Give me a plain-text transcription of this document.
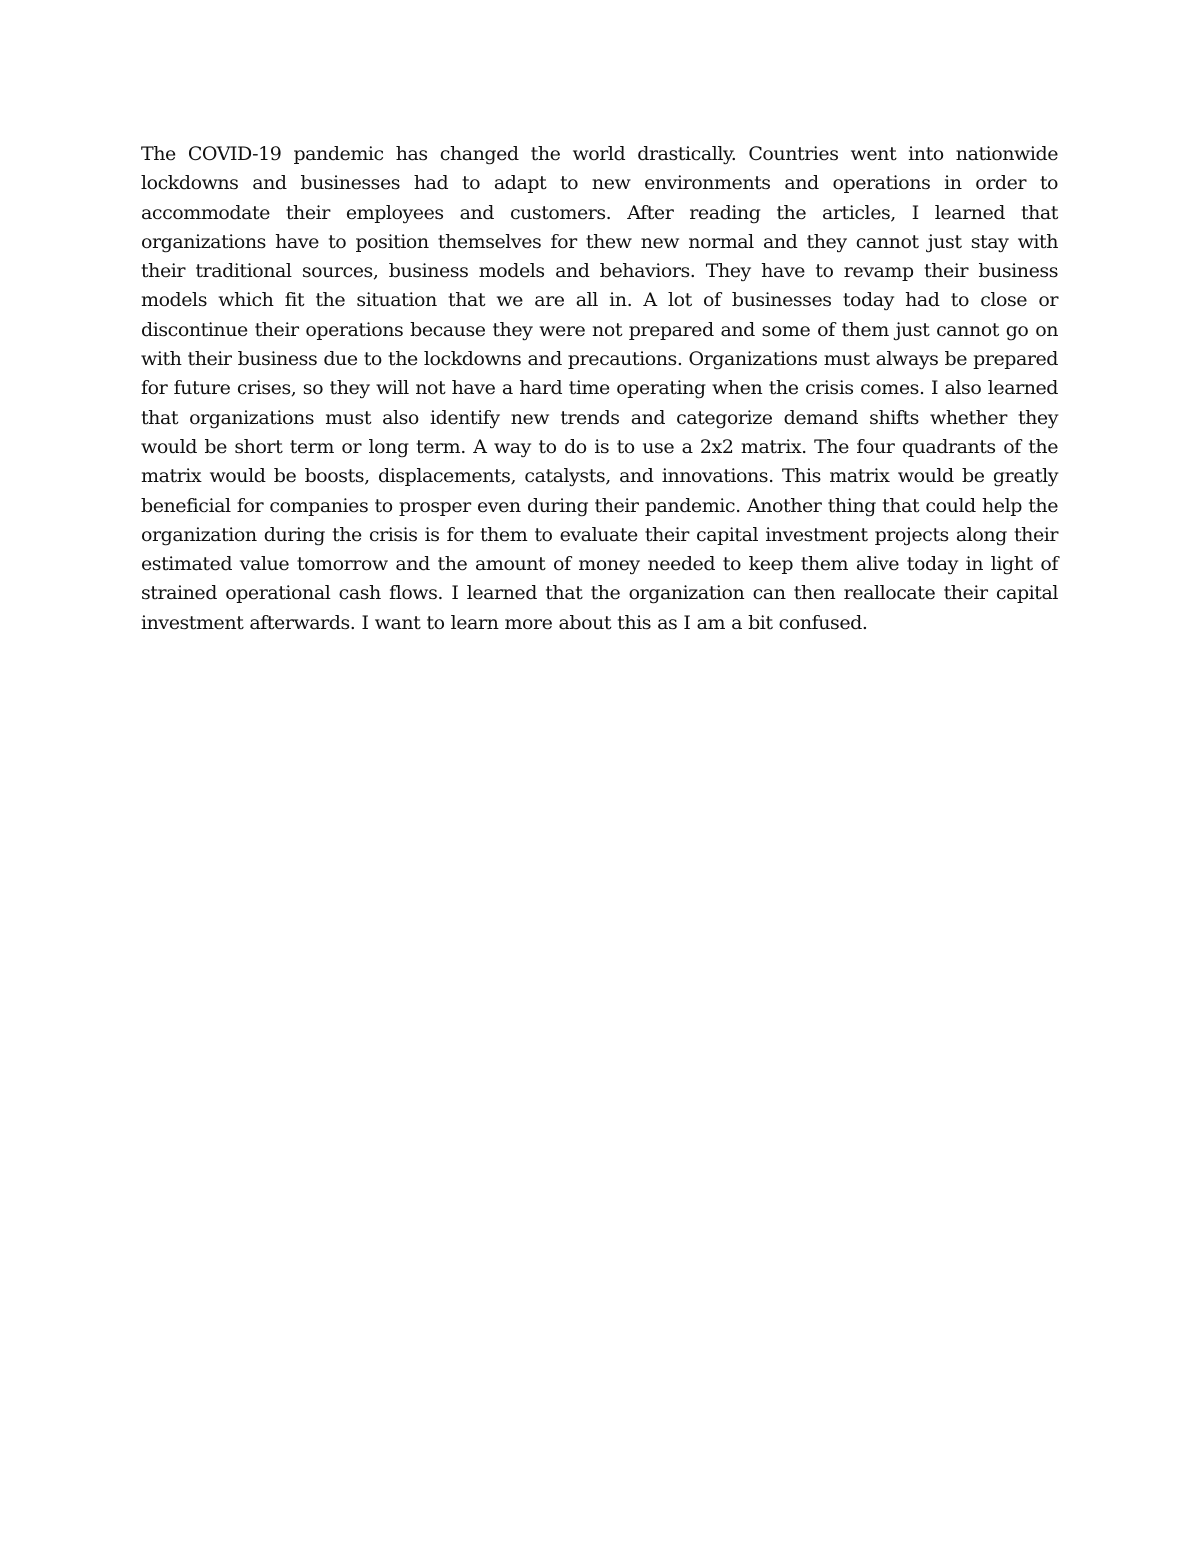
The COVID-19 pandemic has changed the world drastically. Countries went into nationwide lockdowns and businesses had to adapt to new environments and operations in order to accommodate their employees and customers. After reading the articles, I learned that organizations have to position themselves for thew new normal and they cannot just stay with their traditional sources, business models and behaviors. They have to revamp their business models which fit the situation that we are all in. A lot of businesses today had to close or discontinue their operations because they were not prepared and some of them just cannot go on with their business due to the lockdowns and precautions. Organizations must always be prepared for future crises, so they will not have a hard time operating when the crisis comes. I also learned that organizations must also identify new trends and categorize demand shifts whether they would be short term or long term. A way to do is to use a 2x2 matrix. The four quadrants of the matrix would be boosts, displacements, catalysts, and innovations. This matrix would be greatly beneficial for companies to prosper even during their pandemic. Another thing that could help the organization during the crisis is for them to evaluate their capital investment projects along their estimated value tomorrow and the amount of money needed to keep them alive today in light of strained operational cash flows. I learned that the organization can then reallocate their capital investment afterwards. I want to learn more about this as I am a bit confused.
